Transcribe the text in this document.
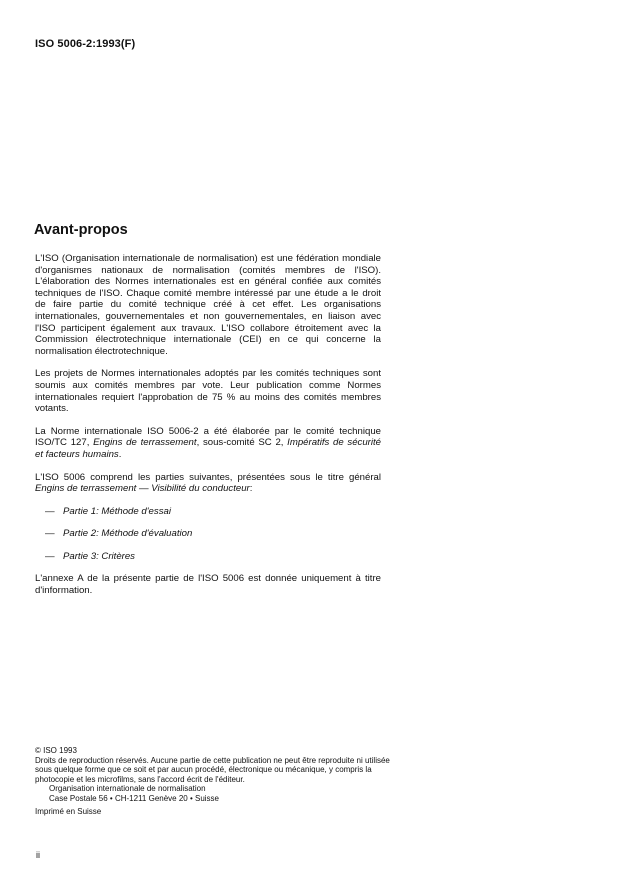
ISO 5006-2:1993(F)
Avant-propos

L'ISO (Organisation internationale de normalisation) est une fédération mondiale d'organismes nationaux de normalisation (comités membres de l'ISO). L'élaboration des Normes internationales est en général confiée aux comités techniques de l'ISO. Chaque comité membre intéressé par une étude a le droit de faire partie du comité technique créé à cet effet. Les organisations internationales, gouvernementales et non gouvernementales, en liaison avec l'ISO participent également aux travaux. L'ISO collabore étroitement avec la Commission électrotechnique internationale (CEI) en ce qui concerne la normalisation électrotechnique.

Les projets de Normes internationales adoptés par les comités techniques sont soumis aux comités membres par vote. Leur publication comme Normes internationales requiert l'approbation de 75 % au moins des comités membres votants.

La Norme internationale ISO 5006-2 a été élaborée par le comité technique ISO/TC 127, Engins de terrassement, sous-comité SC 2, Impératifs de sécurité et facteurs humains.

L'ISO 5006 comprend les parties suivantes, présentées sous le titre général Engins de terrassement — Visibilité du conducteur:

— Partie 1: Méthode d'essai
— Partie 2: Méthode d'évaluation
— Partie 3: Critères

L'annexe A de la présente partie de l'ISO 5006 est donnée uniquement à titre d'information.

© ISO 1993

Droits de reproduction réservés. Aucune partie de cette publication ne peut être reproduite ni utilisée sous quelque forme que ce soit et par aucun procédé, électronique ou mécanique, y compris la photocopie et les microfilms, sans l'accord écrit de l'éditeur.

Organisation internationale de normalisation

Case Postale 56 • CH-1211 Genève 20 • Suisse

Imprimé en Suisse

ii
